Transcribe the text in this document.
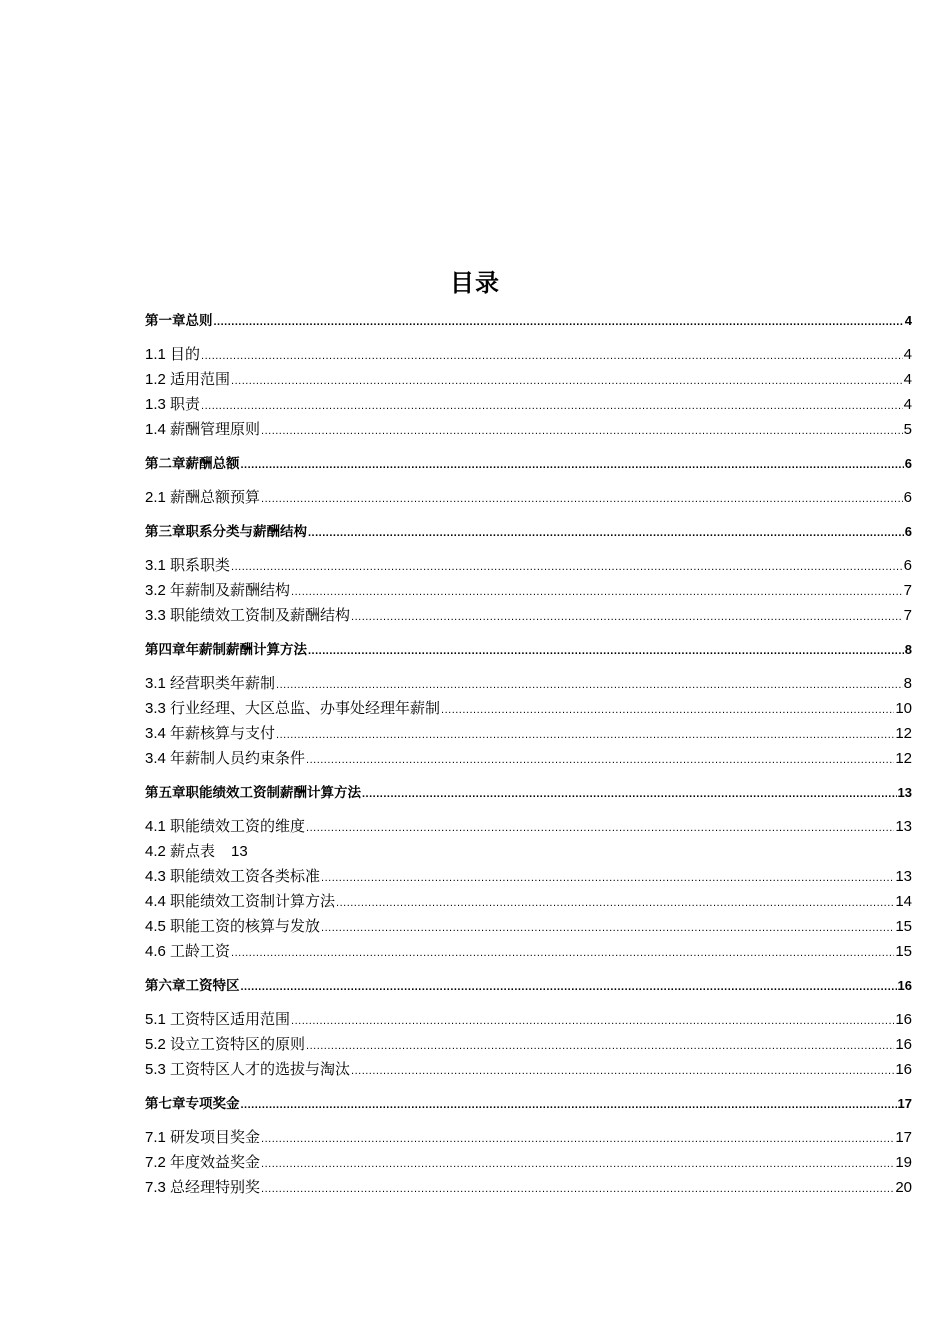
目录
第一章总则 .....	4
1.1 目的 .....	4
1.2 适用范围 .....	4
1.3 职责 .....	4
1.4 薪酬管理原则 .....	5
第二章薪酬总额 .....	6
2.1 薪酬总额预算 .....	6
第三章职系分类与薪酬结构 .....	6
3.1 职系职类 .....	6
3.2 年薪制及薪酬结构 .....	7
3.3 职能绩效工资制及薪酬结构 .....	7
第四章年薪制薪酬计算方法 .....	8
3.1 经营职类年薪制 .....	8
3.3 行业经理、大区总监、办事处经理年薪制 .....	10
3.4 年薪核算与支付 .....	12
3.4 年薪制人员约束条件 .....	12
第五章职能绩效工资制薪酬计算方法 .....	13
4.1 职能绩效工资的维度 .....	13
4.2 薪点表 13
4.3 职能绩效工资各类标准 .....	13
4.4 职能绩效工资制计算方法 .....	14
4.5 职能工资的核算与发放 .....	15
4.6 工龄工资 .....	15
第六章工资特区 .....	16
5.1 工资特区适用范围 .....	16
5.2 设立工资特区的原则 .....	16
5.3 工资特区人才的选拔与淘汰 .....	16
第七章专项奖金 .....	17
7.1 研发项目奖金 .....	17
7.2 年度效益奖金 .....	19
7.3 总经理特别奖 .....	20
